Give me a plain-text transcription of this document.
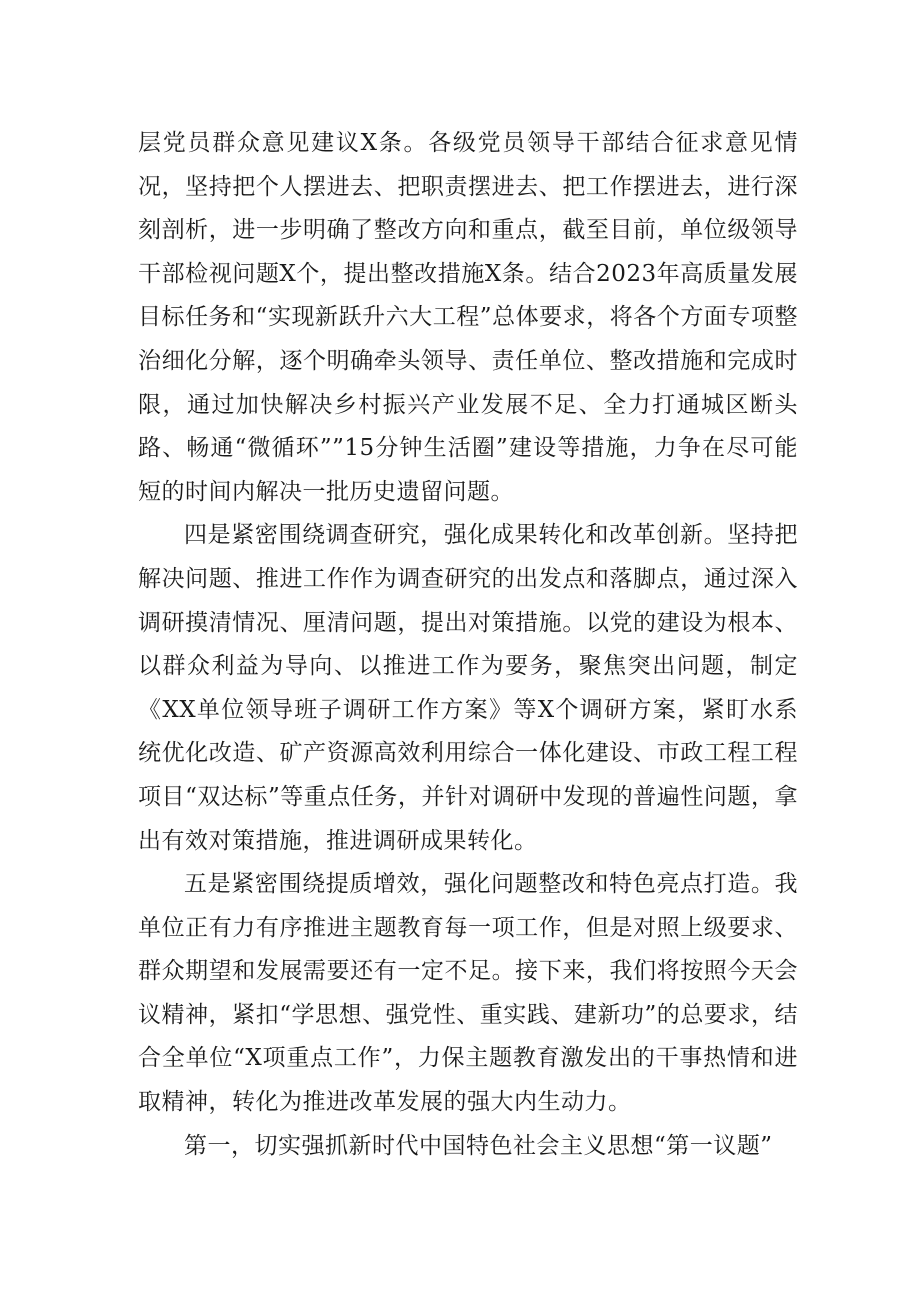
层党员群众意见建议X条。各级党员领导干部结合征求意见情况，坚持把个人摆进去、把职责摆进去、把工作摆进去，进行深刻剖析，进一步明确了整改方向和重点，截至目前，单位级领导干部检视问题X个，提出整改措施X条。结合2023年高质量发展目标任务和“实现新跃升六大工程”总体要求，将各个方面专项整治细化分解，逐个明确牵头领导、责任单位、整改措施和完成时限，通过加快解决乡村振兴产业发展不足、全力打通城区断头路、畅通“微循环””15分钟生活圈”建设等措施，力争在尽可能短的时间内解决一批历史遗留问题。

四是紧密围绕调查研究，强化成果转化和改革创新。坚持把解决问题、推进工作作为调查研究的出发点和落脚点，通过深入调研摸清情况、厘清问题，提出对策措施。以党的建设为根本、以群众利益为导向、以推进工作为要务，聚焦突出问题，制定《XX单位领导班子调研工作方案》等X个调研方案，紧盯水系统优化改造、矿产资源高效利用综合一体化建设、市政工程工程项目“双达标”等重点任务，并针对调研中发现的普遍性问题，拿出有效对策措施，推进调研成果转化。

五是紧密围绕提质增效，强化问题整改和特色亮点打造。我单位正有力有序推进主题教育每一项工作，但是对照上级要求、群众期望和发展需要还有一定不足。接下来，我们将按照今天会议精神，紧扣“学思想、强党性、重实践、建新功”的总要求，结合全单位“X项重点工作”，力保主题教育激发出的干事热情和进取精神，转化为推进改革发展的强大内生动力。

第一，切实强抓新时代中国特色社会主义思想“第一议题”
